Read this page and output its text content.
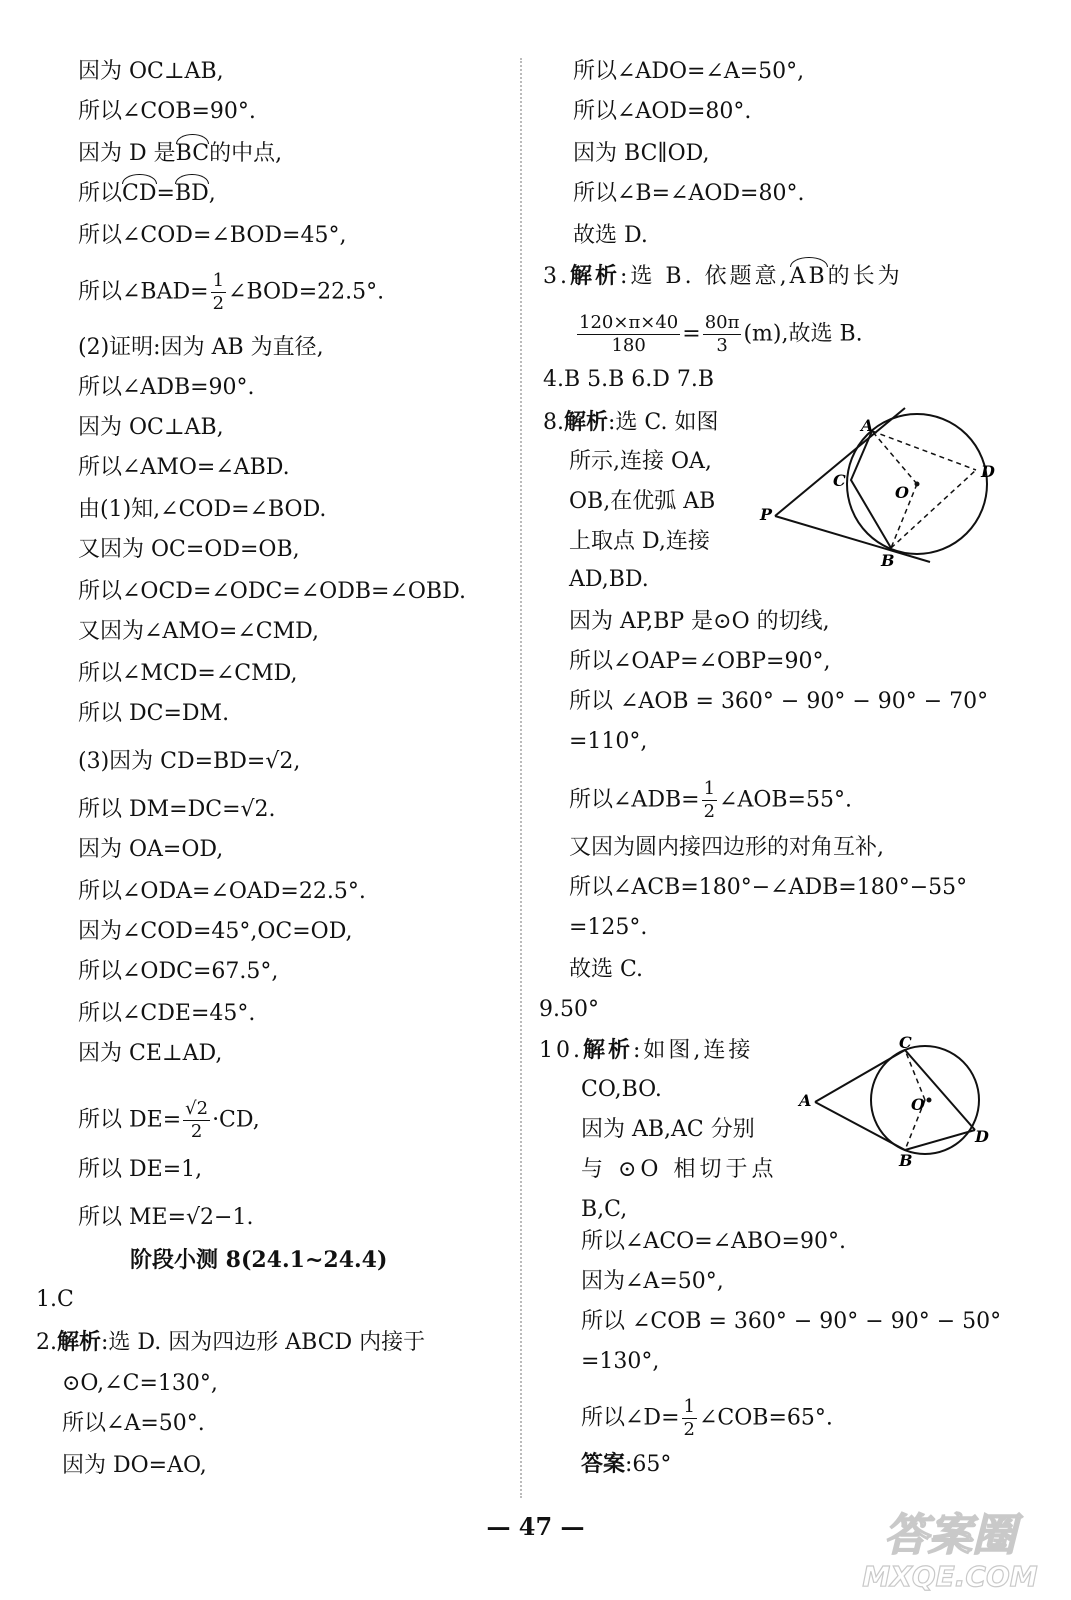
因为 OC⊥AB,
所以∠COB=90°.
因为 D 是BC的中点,
所以CD=BD,
所以∠COD=∠BOD=45°,
所以∠BAD= $\frac{1}{2}$ ∠BOD=22.5°.
(2)证明:因为 AB 为直径,
所以∠ADB=90°.
因为 OC⊥AB,
所以∠AMO=∠ABD.
由(1)知,∠COD=∠BOD.
又因为 OC=OD=OB,
所以∠OCD=∠ODC=∠ODB=∠OBD.
又因为∠AMO=∠CMD,
所以∠MCD=∠CMD,
所以 DC=DM.
(3)因为 CD=BD=√2,
所以 DM=DC=√2.
因为 OA=OD,
所以∠ODA=∠OAD=22.5°.
因为∠COD=45°,OC=OD,
所以∠ODC=67.5°,
所以∠CDE=45°.
因为 CE⊥AD,
所以 $DE= \frac{√2}{2} \cdot CD$,
所以 DE=1,
所以 ME=√2−1.
阶段小测 8(24.1~24.4)
1.C
2.解析:选 D. 因为四边形 ABCD 内接于
⊙O,∠C=130°,
所以∠A=50°.
因为 DO=AO,
所以∠ADO=∠A=50°,
所以∠AOD=80°.
因为 BC∥OD,
所以∠B=∠AOD=80°.
故选 D.
3.解析:选 B. 依题意,AB的长为
$\frac{120\times\pi\times 40}{180} = \frac{80\pi}{3} (m)$,故选 B.
4.B 5.B 6.D 7.B
8.解析:选 C. 如图
所示,连接 OA,
OB,在优弧 AB
上取点 D,连接
AD,BD.
因为 AP,BP 是⊙O 的切线,
所以∠OAP=∠OBP=90°,
所以 ∠AOB = 360° − 90° − 90° − 70°
=110°,
所以∠ADB= $\frac{1}{2}$ ∠AOB=55°.
又因为圆内接四边形的对角互补,
所以∠ACB=180°−∠ADB=180°−55°
=125°.
故选 C.
9.50°
10.解析:如图,连接
CO,BO.
因为 AB,AC 分别
与 ⊙O 相切于点
B,C,
所以∠ACO=∠ABO=90°.
因为∠A=50°,
所以 ∠COB = 360° − 90° − 90° − 50°
=130°,
所以∠D= $\frac{1}{2}$ ∠COB=65°.
答案:65°
A
C
O
D
B
P
C
A	O
D
B
— 47 —	答案圈
MXQE.COM
